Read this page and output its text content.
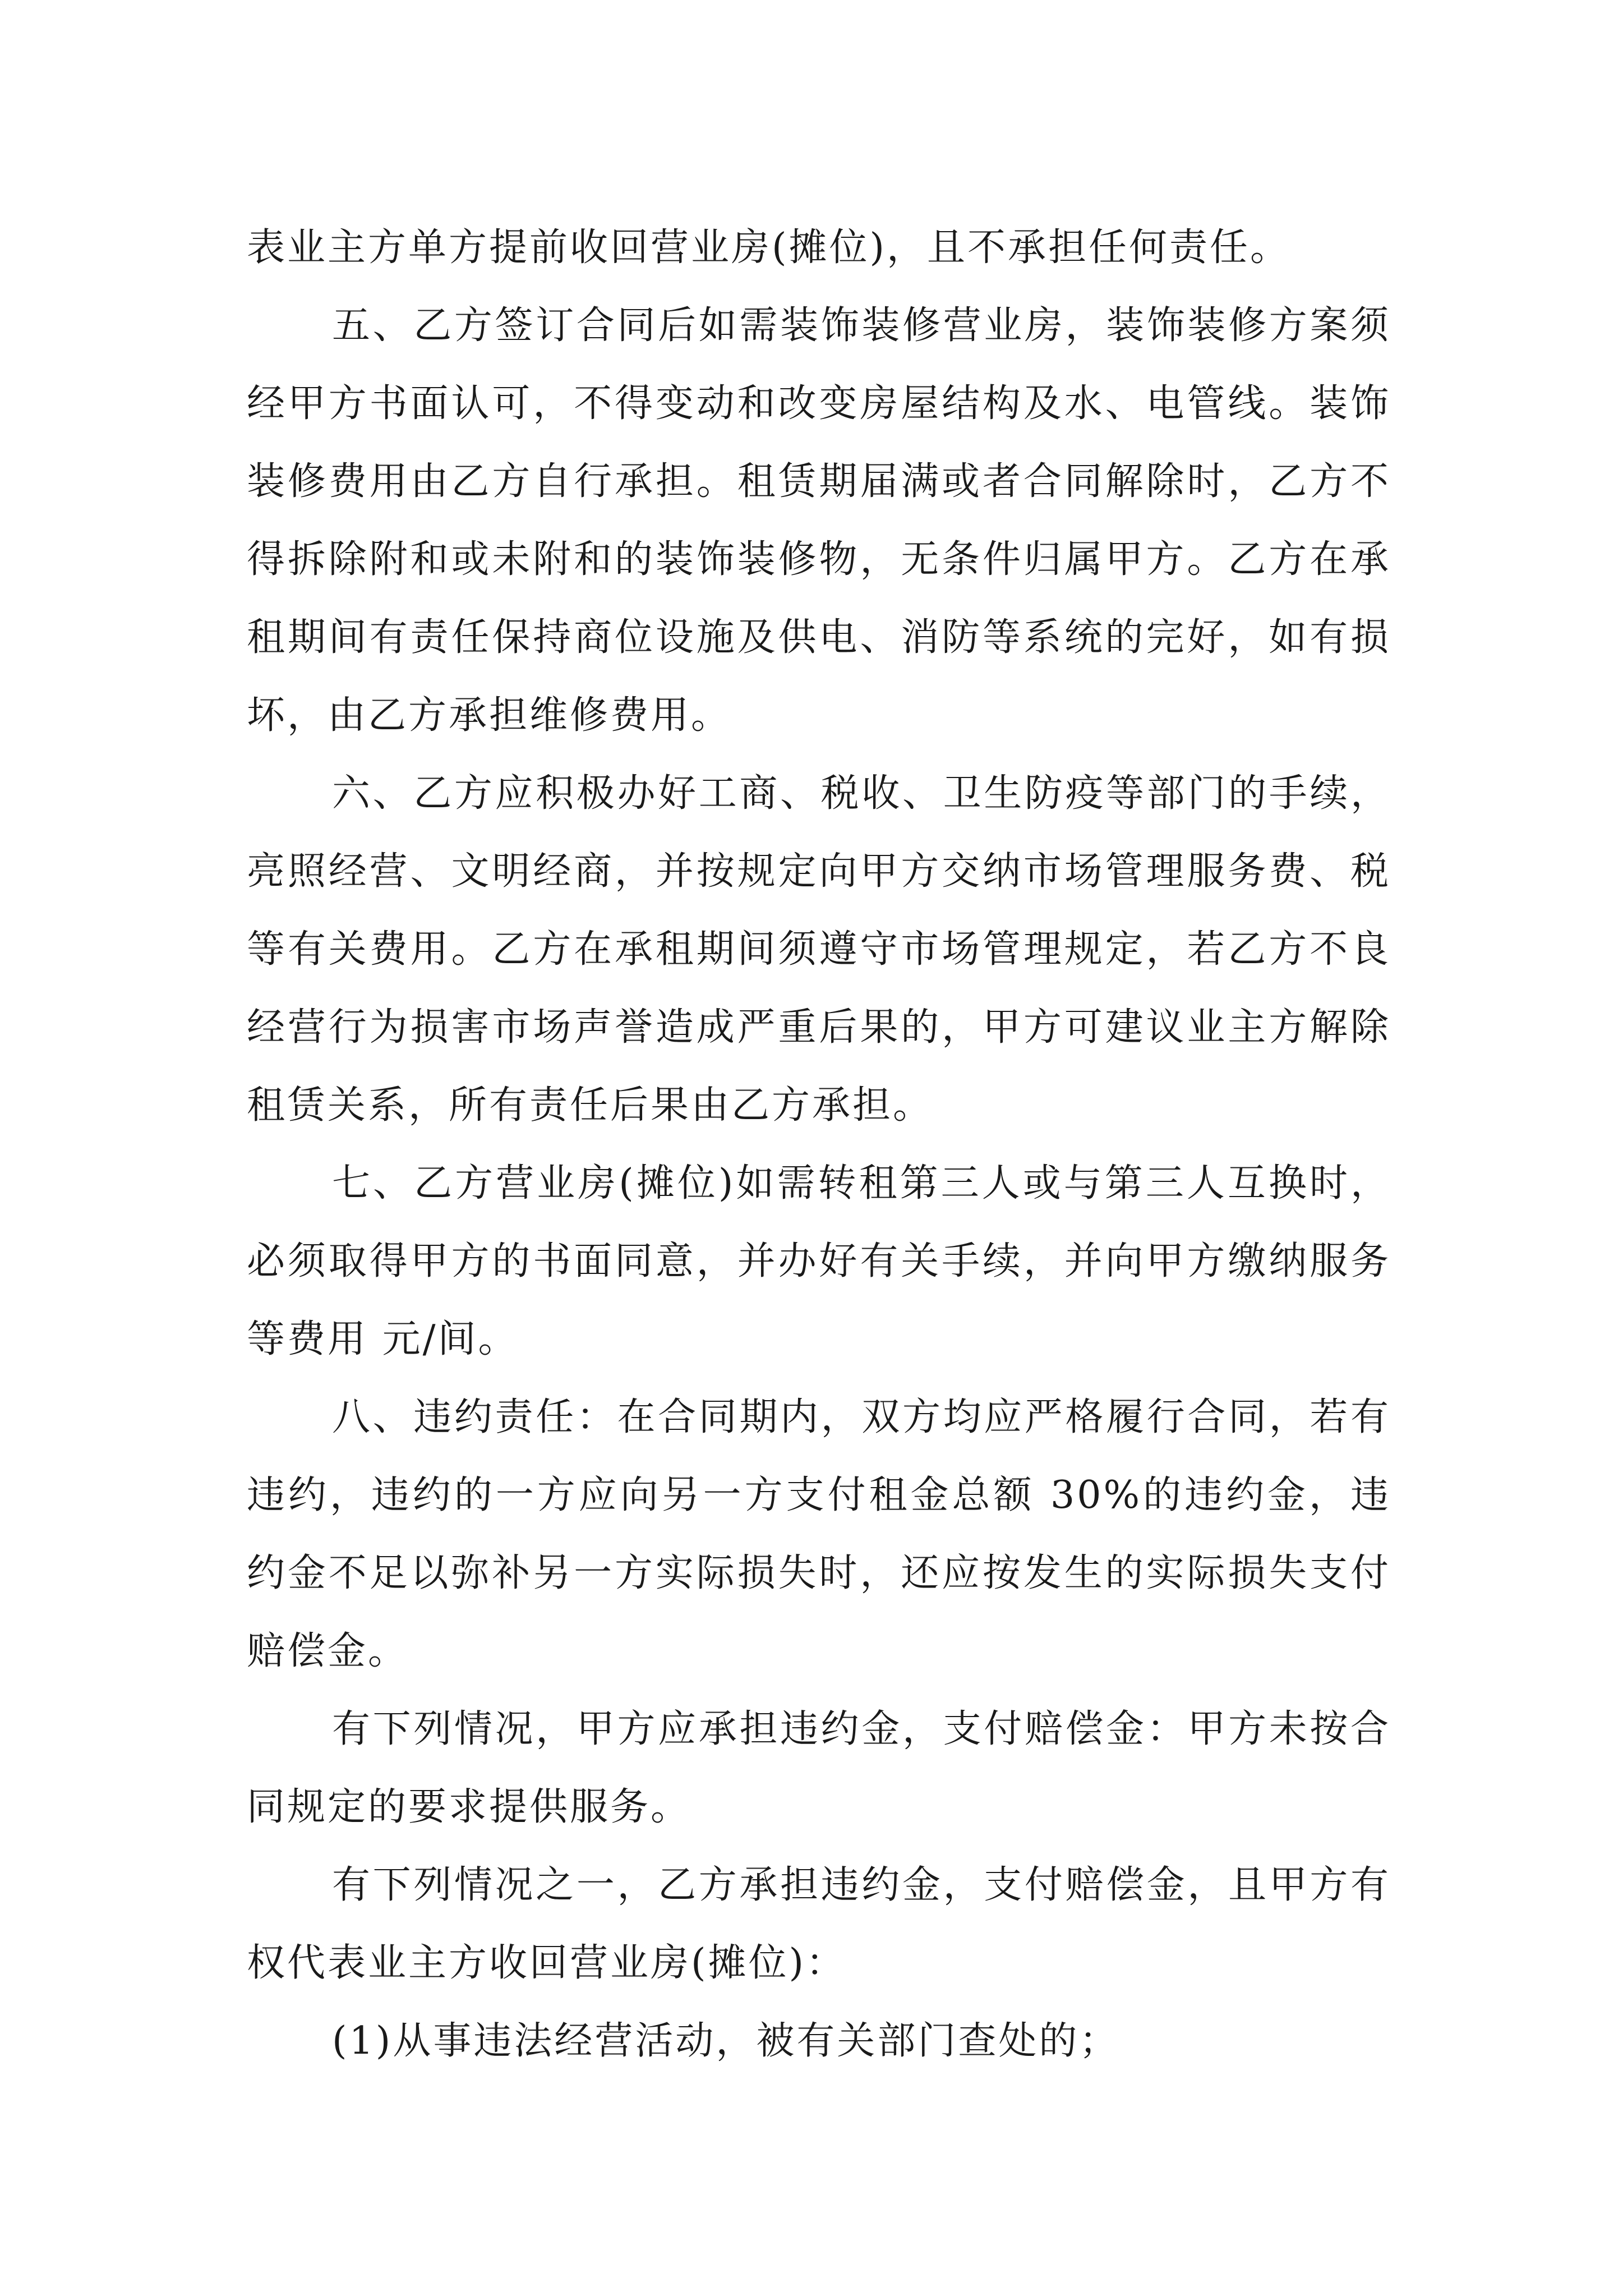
表业主方单方提前收回营业房(摊位)，且不承担任何责任。

五、乙方签订合同后如需装饰装修营业房，装饰装修方案须经甲方书面认可，不得变动和改变房屋结构及水、电管线。装饰装修费用由乙方自行承担。租赁期届满或者合同解除时，乙方不得拆除附和或未附和的装饰装修物，无条件归属甲方。乙方在承租期间有责任保持商位设施及供电、消防等系统的完好，如有损坏，由乙方承担维修费用。

六、乙方应积极办好工商、税收、卫生防疫等部门的手续，亮照经营、文明经商，并按规定向甲方交纳市场管理服务费、税等有关费用。乙方在承租期间须遵守市场管理规定，若乙方不良经营行为损害市场声誉造成严重后果的，甲方可建议业主方解除租赁关系，所有责任后果由乙方承担。

七、乙方营业房(摊位)如需转租第三人或与第三人互换时，必须取得甲方的书面同意，并办好有关手续，并向甲方缴纳服务等费用 元/间。

八、违约责任：在合同期内，双方均应严格履行合同，若有违约，违约的一方应向另一方支付租金总额 30%的违约金，违约金不足以弥补另一方实际损失时，还应按发生的实际损失支付赔偿金。

有下列情况，甲方应承担违约金，支付赔偿金：甲方未按合同规定的要求提供服务。

有下列情况之一，乙方承担违约金，支付赔偿金，且甲方有权代表业主方收回营业房(摊位)：

(1)从事违法经营活动，被有关部门查处的；
